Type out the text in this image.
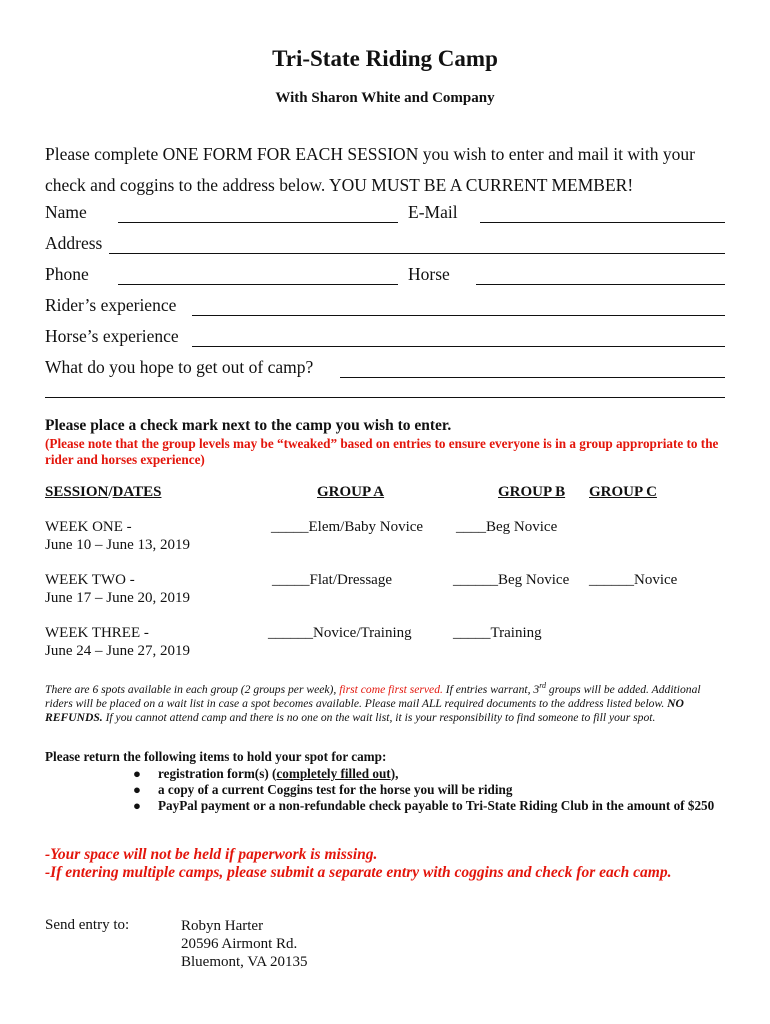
Tri-State Riding Camp
With Sharon White and Company
Please complete ONE FORM FOR EACH SESSION you wish to enter and mail it with your check and coggins to the address below. YOU MUST BE A CURRENT MEMBER!
Name	E-Mail
Address
Phone	Horse
Rider’s experience
Horse’s experience
What do you hope to get out of camp?
Please place a check mark next to the camp you wish to enter.
(Please note that the group levels may be “tweaked” based on entries to ensure everyone is in a group appropriate to the rider and horses experience)
SESSION/DATES	GROUP A	GROUP B GROUP C
WEEK ONE -
June 10 – June 13, 2019
_____Elem/Baby Novice ____Beg Novice
WEEK TWO -
June 17 – June 20, 2019
_____Flat/Dressage	______Beg Novice ______Novice
WEEK THREE -
June 24 – June 27, 2019
______Novice/Training	_____Training
There are 6 spots available in each group (2 groups per week), first come first served. If entries warrant, 3rd groups will be added. Additional riders will be placed on a wait list in case a spot becomes available. Please mail ALL required documents to the address listed below. NO REFUNDS. If you cannot attend camp and there is no one on the wait list, it is your responsibility to find someone to fill your spot.
Please return the following items to hold your spot for camp:
● registration form(s) (completely filled out),
● a copy of a current Coggins test for the horse you will be riding
● PayPal payment or a non-refundable check payable to Tri-State Riding Club in the amount of $250
-Your space will not be held if paperwork is missing.
-If entering multiple camps, please submit a separate entry with coggins and check for each camp.
Send entry to:	Robyn Harter
20596 Airmont Rd.
Bluemont, VA 20135
